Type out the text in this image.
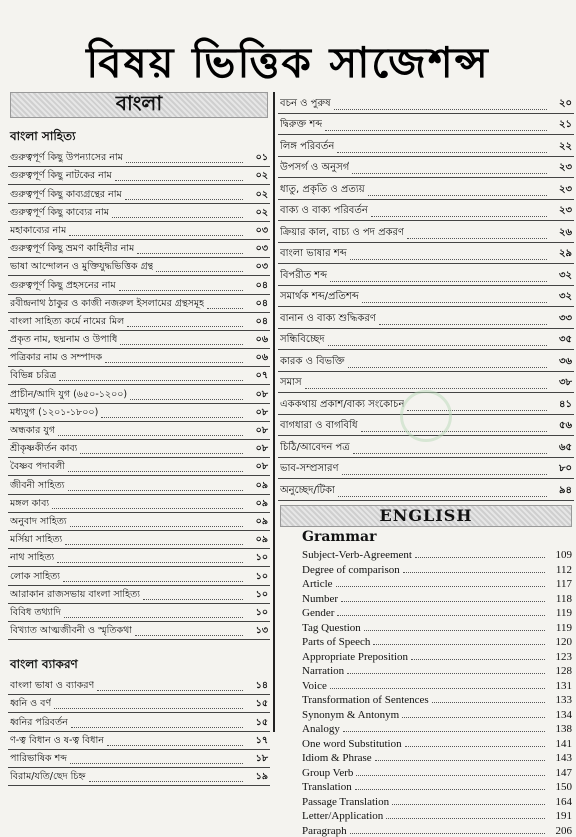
বিষয় ভিত্তিক সাজেশন্স
বাংলা
বাংলা সাহিত্য
গুরুত্বপূর্ণ কিছু উপন্যাসের নাম	০১
গুরুত্বপূর্ণ কিছু নাটকের নাম	০২
গুরুত্বপূর্ণ কিছু কাব্যগ্রন্থের নাম	০২
গুরুত্বপূর্ণ কিছু কাব্যের নাম	০২
মহাকাব্যের নাম	০৩
গুরুত্বপূর্ণ কিছু ভ্রমণ কাহিনীর নাম	০৩
ভাষা আন্দোলন ও মুক্তিযুদ্ধভিত্তিক গ্রন্থ	০৩
গুরুত্বপূর্ণ কিছু প্রহসনের নাম	০৪
রবীন্দ্রনাথ ঠাকুর ও কাজী নজরুল ইসলামের গ্রন্থসমূহ	০৪
বাংলা সাহিত্য কর্মে নামের মিল	০৪
প্রকৃত নাম, ছদ্মনাম ও উপাধি	০৬
পত্রিকার নাম ও সম্পাদক	০৬
বিভিন্ন চরিত্র	০৭
প্রাচীন/আদি যুগ (৬৫০-১২০০)	০৮
মধ্যযুগ (১২০১-১৮০০)	০৮
অন্ধকার যুগ	০৮
শ্রীকৃষ্ণকীর্তন কাব্য	০৮
বৈষ্ণব পদাবলী	০৮
জীবনী সাহিত্য	০৯
মঙ্গল কাব্য	০৯
অনুবাদ সাহিত্য	০৯
মর্সিয়া সাহিত্য	০৯
নাথ সাহিত্য	১০
লোক সাহিত্য	১০
আরাকান রাজসভায় বাংলা সাহিত্য	১০
বিবিধ তথ্যাদি	১০
বিখ্যাত আত্মজীবনী ও স্মৃতিকথা	১৩
বাংলা ব্যাকরণ
বাংলা ভাষা ও ব্যাকরণ	১৪
ধ্বনি ও বর্ণ	১৫
ধ্বনির পরিবর্তন	১৫
ণ-ত্ব বিধান ও ষ-ত্ব বিধান	১৭
পারিভাষিক শব্দ	১৮
বিরাম/যতি/ছেদ চিহ্ন	১৯
বচন ও পুরুষ	২০
দ্বিরুক্ত শব্দ	২১
লিঙ্গ পরিবর্তন	২২
উপসর্গ ও অনুসর্গ	২৩
ধাতু, প্রকৃতি ও প্রত্যয়	২৩
বাক্য ও বাক্য পরিবর্তন	২৩
ক্রিয়ার কাল, বাচ্য ও পদ প্রকরণ	২৬
বাংলা ভাষার শব্দ	২৯
বিপরীত শব্দ	৩২
সমার্থক শব্দ/প্রতিশব্দ	৩২
বানান ও বাক্য শুদ্ধিকরণ	৩৩
সন্ধিবিচ্ছেদ	৩৫
কারক ও বিভক্তি	৩৬
সমাস	৩৮
এককথায় প্রকাশ/বাক্য সংকোচন	৪১
বাগধারা ও বাগবিধি	৫৬
চিঠি/আবেদন পত্র	৬৫
ভাব-সম্প্রসারণ	৮০
অনুচ্ছেদ/টিকা	৯৪
ENGLISH
Grammar
Subject-Verb-Agreement	109
Degree of comparison	112
Article	117
Number	118
Gender	119
Tag Question	119
Parts of Speech	120
Appropriate Preposition	123
Narration	128
Voice	131
Transformation of Sentences	133
Synonym & Antonym	134
Analogy	138
One word Substitution	141
Idiom & Phrase	143
Group Verb	147
Translation	150
Passage Translation	164
Letter/Application	191
Paragraph	206
